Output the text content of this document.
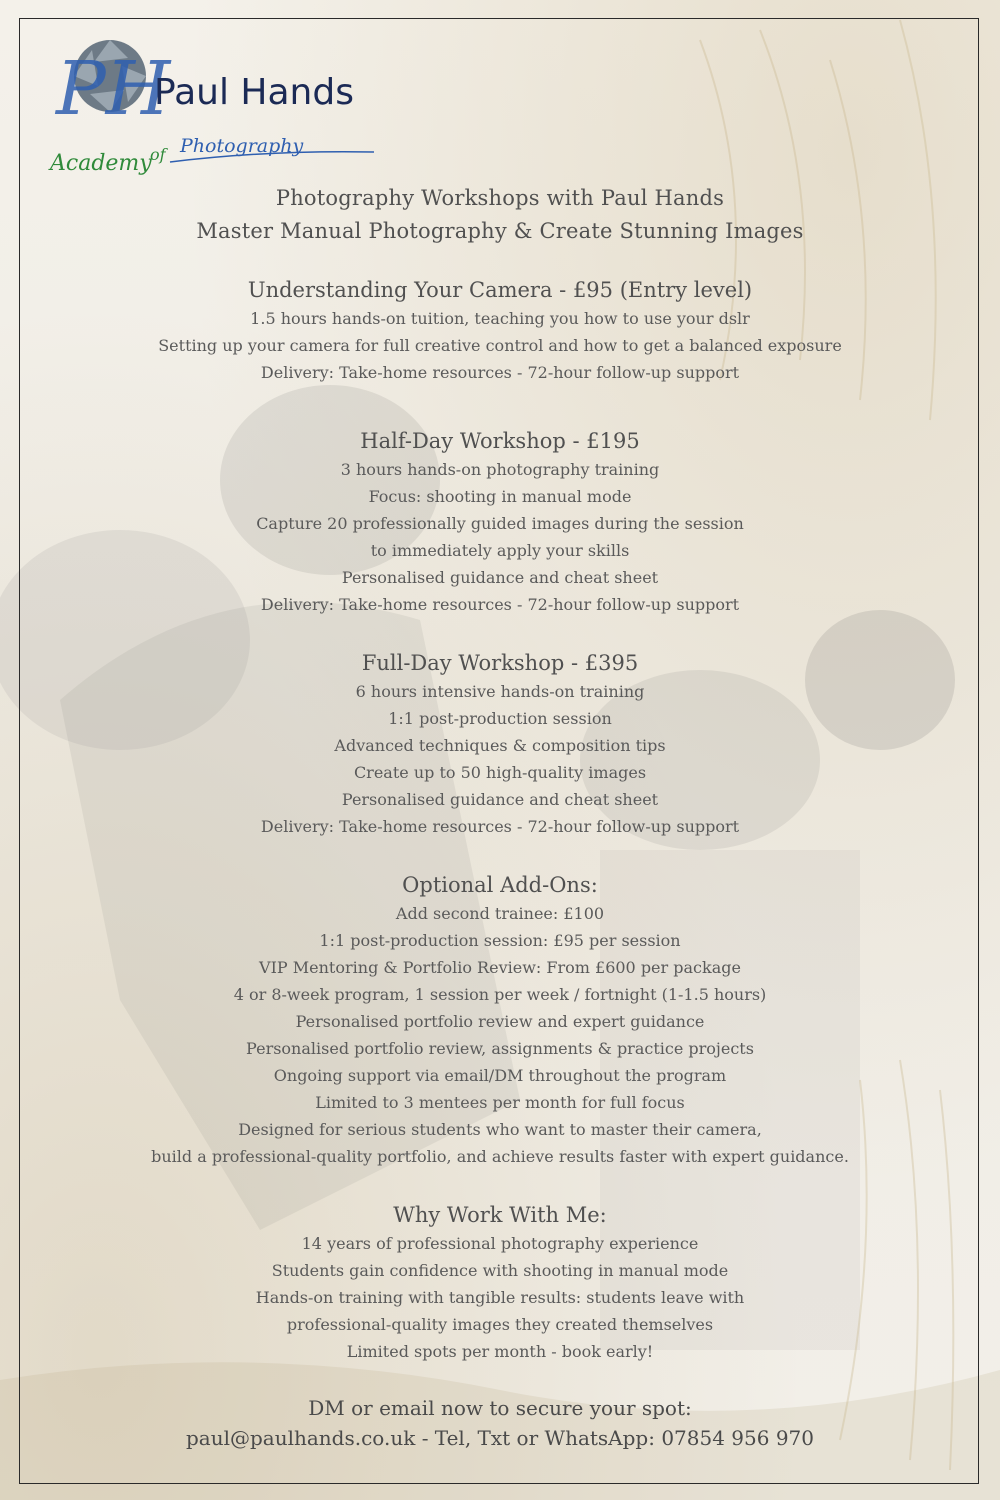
PH
Paul Hands
Academy
of Photography
Photography Workshops with Paul Hands
Master Manual Photography & Create Stunning Images
Understanding Your Camera - £95 (Entry level)
1.5 hours hands-on tuition, teaching you how to use your dslr
Setting up your camera for full creative control and how to get a balanced exposure
Delivery: Take-home resources - 72-hour follow-up support
Half-Day Workshop - £195
3 hours hands-on photography training
Focus: shooting in manual mode
Capture 20 professionally guided images during the session
to immediately apply your skills
Personalised guidance and cheat sheet
Delivery: Take-home resources - 72-hour follow-up support
Full-Day Workshop - £395
6 hours intensive hands-on training
1:1 post-production session
Advanced techniques & composition tips
Create up to 50 high-quality images
Personalised guidance and cheat sheet
Delivery: Take-home resources - 72-hour follow-up support
Optional Add-Ons:
Add second trainee: £100
1:1 post-production session: £95 per session
VIP Mentoring & Portfolio Review: From £600 per package
4 or 8-week program, 1 session per week / fortnight (1-1.5 hours)
Personalised portfolio review and expert guidance
Personalised portfolio review, assignments & practice projects
Ongoing support via email/DM throughout the program
Limited to 3 mentees per month for full focus
Designed for serious students who want to master their camera,
build a professional-quality portfolio, and achieve results faster with expert guidance.
Why Work With Me:
14 years of professional photography experience
Students gain confidence with shooting in manual mode
Hands-on training with tangible results: students leave with
professional-quality images they created themselves
Limited spots per month - book early!
DM or email now to secure your spot:
paul@paulhands.co.uk - Tel, Txt or WhatsApp: 07854 956 970
